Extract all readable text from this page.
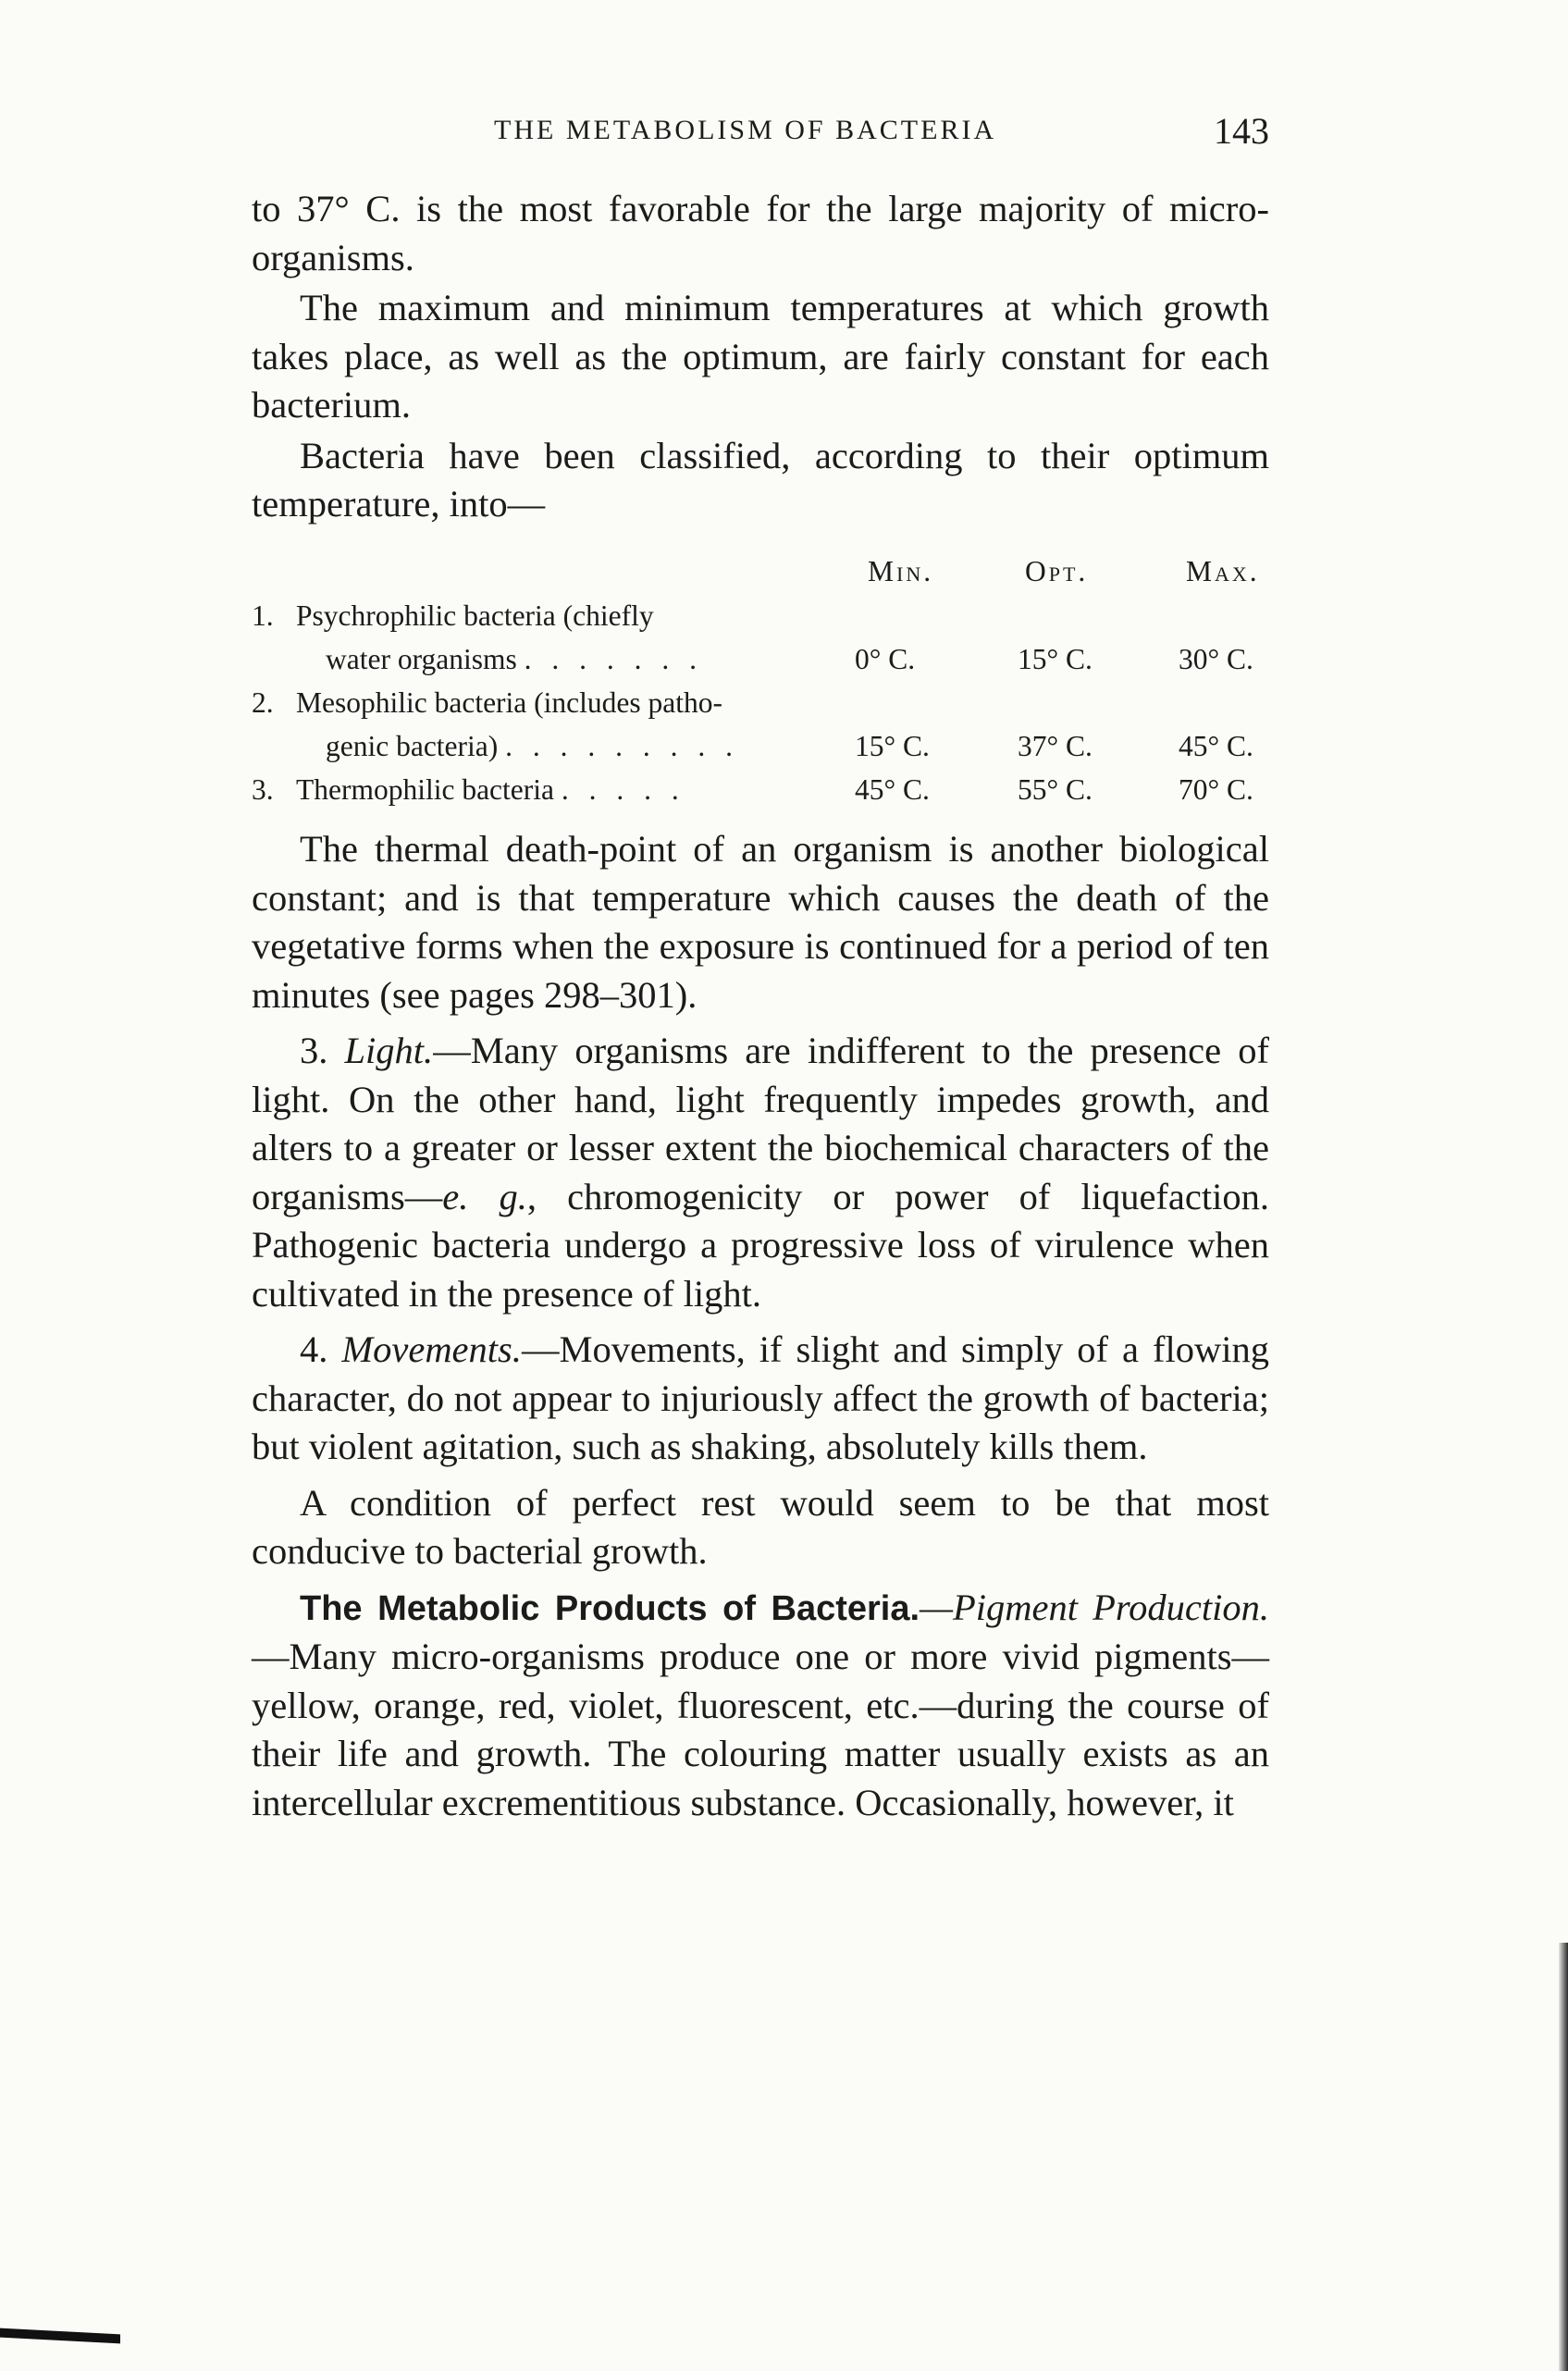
THE METABOLISM OF BACTERIA	143

to 37° C. is the most favorable for the large majority of micro-organisms.

The maximum and minimum temperatures at which growth takes place, as well as the optimum, are fairly constant for each bacterium.

Bacteria have been classified, according to their optimum temperature, into—

Min.	Opt.	Max.
1. Psychrophilic bacteria (chiefly
water organisms . . . . . . .	0° C.	15° C.	30° C.
2. Mesophilic bacteria (includes patho-
genic bacteria) . . . . . . . . .	15° C.	37° C.	45° C.
3. Thermophilic bacteria . . . . .	45° C.	55° C.	70° C.

The thermal death-point of an organism is another biological constant; and is that temperature which causes the death of the vegetative forms when the exposure is continued for a period of ten minutes (see pages 298–301).

3. Light.—Many organisms are indifferent to the presence of light. On the other hand, light frequently impedes growth, and alters to a greater or lesser extent the biochemical characters of the organisms—e. g., chromogenicity or power of liquefaction. Pathogenic bacteria undergo a progressive loss of virulence when cultivated in the presence of light.

4. Movements.—Movements, if slight and simply of a flowing character, do not appear to injuriously affect the growth of bacteria; but violent agitation, such as shaking, absolutely kills them.

A condition of perfect rest would seem to be that most conducive to bacterial growth.

The Metabolic Products of Bacteria.—Pigment Production.—Many micro-organisms produce one or more vivid pigments—yellow, orange, red, violet, fluorescent, etc.—during the course of their life and growth. The colouring matter usually exists as an intercellular excrementitious substance. Occasionally, however, it
